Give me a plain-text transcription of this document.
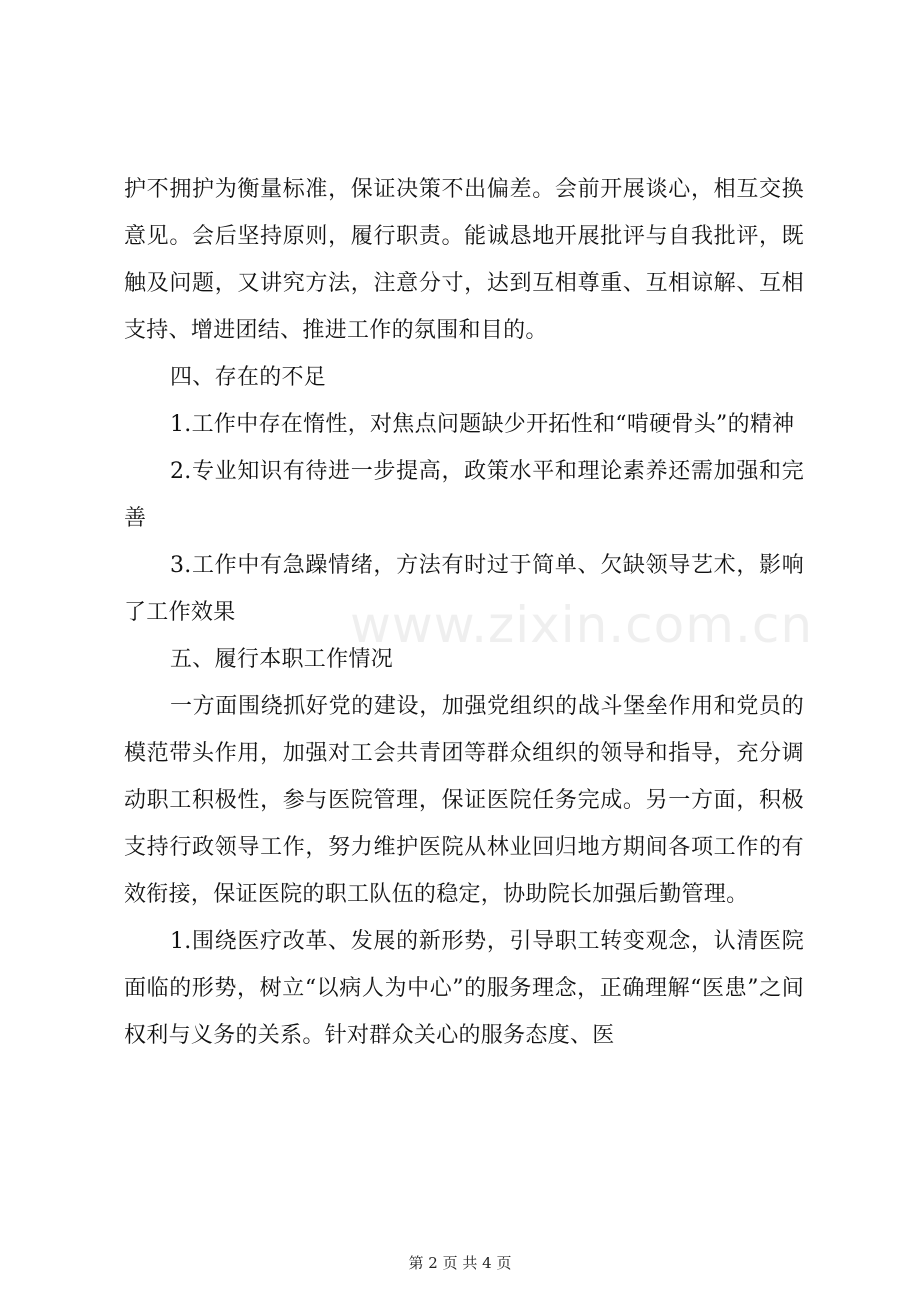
护不拥护为衡量标准，保证决策不出偏差。会前开展谈心，相互交换意见。会后坚持原则，履行职责。能诚恳地开展批评与自我批评，既触及问题，又讲究方法，注意分寸，达到互相尊重、互相谅解、互相支持、增进团结、推进工作的氛围和目的。

四、存在的不足

1.工作中存在惰性，对焦点问题缺少开拓性和“啃硬骨头”的精神

2.专业知识有待进一步提高，政策水平和理论素养还需加强和完善

3.工作中有急躁情绪，方法有时过于简单、欠缺领导艺术，影响了工作效果

五、履行本职工作情况

一方面围绕抓好党的建设，加强党组织的战斗堡垒作用和党员的模范带头作用，加强对工会共青团等群众组织的领导和指导，充分调动职工积极性，参与医院管理，保证医院任务完成。另一方面，积极支持行政领导工作，努力维护医院从林业回归地方期间各项工作的有效衔接，保证医院的职工队伍的稳定，协助院长加强后勤管理。

1.围绕医疗改革、发展的新形势，引导职工转变观念，认清医院面临的形势，树立“以病人为中心”的服务理念，正确理解“医患”之间权利与义务的关系。针对群众关心的服务态度、医

www.zixin.com.cn
第 2 页 共 4 页
